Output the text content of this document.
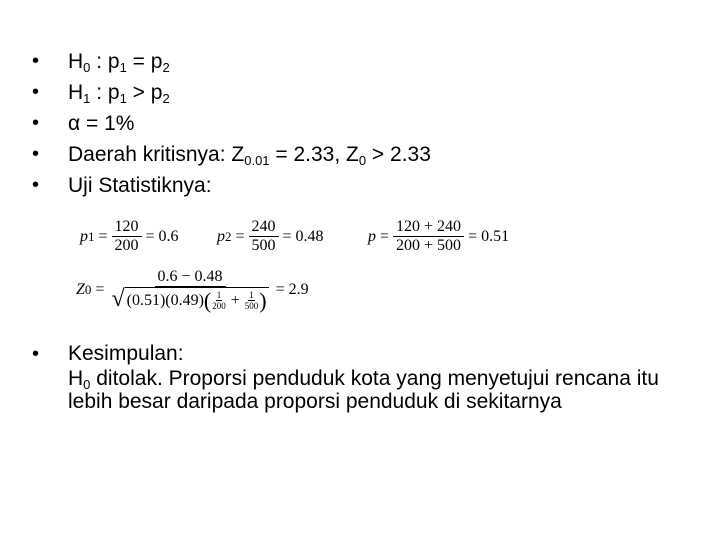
• $H_0$ : $p_1 = p_2$
• $H_1$ : $p_1 > p_2$
• α = 1%
• Daerah kritisnya: $Z_{0.01} = 2.33$, $Z_0 > 2.33$
• Uji Statistiknya:
p $1 = \frac{120}{200} = 0.6$ p $2 = \frac{240}{500} = 0.48$	$p = \frac{120 + 240}{200 + 500} = 0.51$
Z 0 =
0.6 − 0.48
√ (0.51)(0.49) ( $\frac{1}{200}$
+
$\frac{1}{500}$ ) = 2.9
• Kesimpulan:
$H_0$ ditolak. Proporsi penduduk kota yang menyetujui rencana itu lebih besar daripada proporsi penduduk di sekitarnya
